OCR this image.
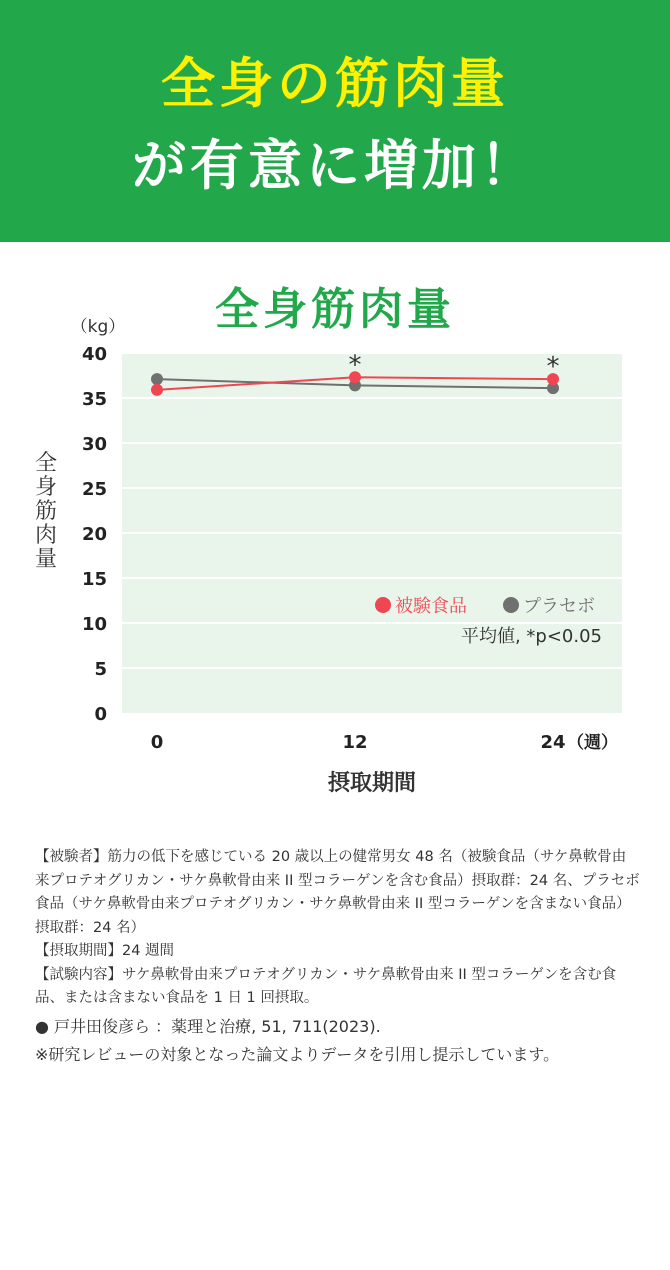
全身の筋肉量
が有意に増加！
全身筋肉量
0
5
10
15
20
25
30
35
40
（kg）
0	12	24 （週）
摂取期間
*	*
被験食品	プラセボ
平均値, *p<0.05
全身筋肉量

【被験者】筋力の低下を感じている 20 歳以上の健常男女 48 名（被験食品（サケ鼻軟骨由来プロテオグリカン・サケ鼻軟骨由来 II 型コラーゲンを含む食品）摂取群：24 名、プラセボ食品（サケ鼻軟骨由来プロテオグリカン・サケ鼻軟骨由来 II 型コラーゲンを含まない食品）摂取群：24 名）

【摂取期間】24 週間

【試験内容】サケ鼻軟骨由来プロテオグリカン・サケ鼻軟骨由来 II 型コラーゲンを含む食品、または含まない食品を 1 日 1 回摂取。

● 戸井田俊彦ら ：薬理と治療, 51, 711(2023).

※研究レビューの対象となった論文よりデータを引用し提示しています。
